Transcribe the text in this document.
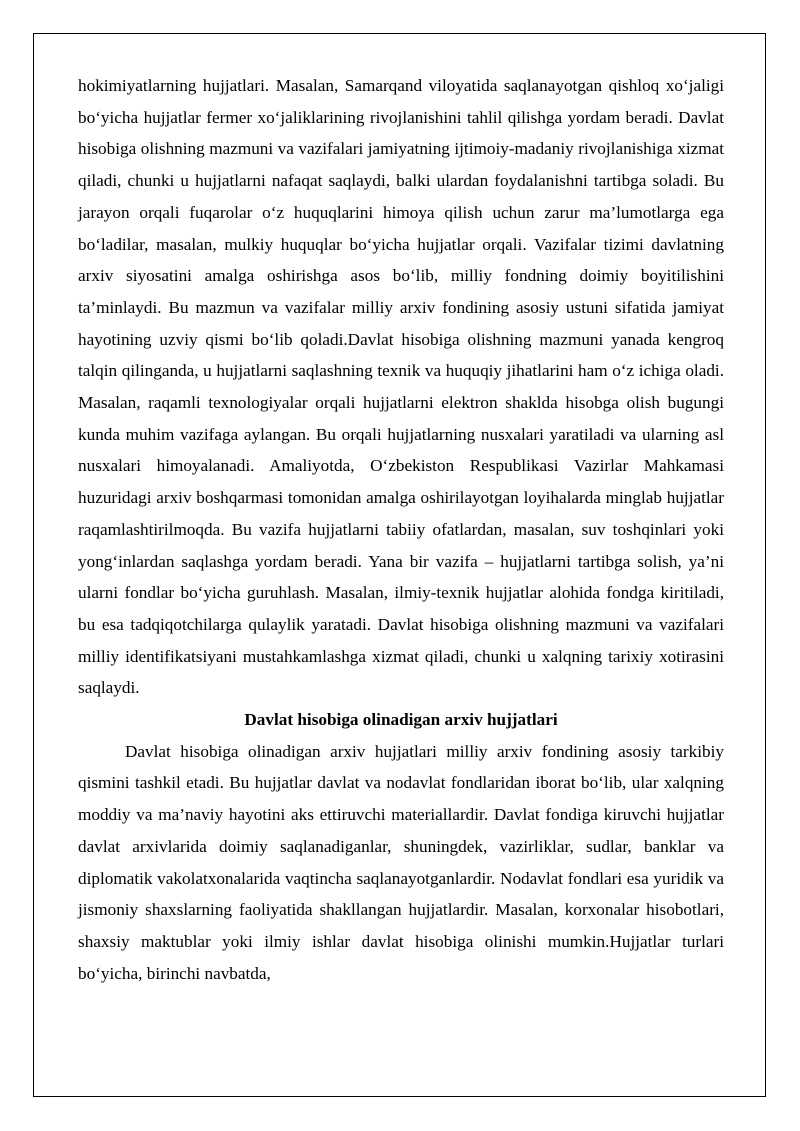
hokimiyatlarning hujjatlari. Masalan, Samarqand viloyatida saqlanayotgan qishloq xo‘jaligi bo‘yicha hujjatlar fermer xo‘jaliklarining rivojlanishini tahlil qilishga yordam beradi. Davlat hisobiga olishning mazmuni va vazifalari jamiyatning ijtimoiy-madaniy rivojlanishiga xizmat qiladi, chunki u hujjatlarni nafaqat saqlaydi, balki ulardan foydalanishni tartibga soladi. Bu jarayon orqali fuqarolar o‘z huquqlarini himoya qilish uchun zarur ma’lumotlarga ega bo‘ladilar, masalan, mulkiy huquqlar bo‘yicha hujjatlar orqali. Vazifalar tizimi davlatning arxiv siyosatini amalga oshirishga asos bo‘lib, milliy fondning doimiy boyitilishini ta’minlaydi. Bu mazmun va vazifalar milliy arxiv fondining asosiy ustuni sifatida jamiyat hayotining uzviy qismi bo‘lib qoladi.Davlat hisobiga olishning mazmuni yanada kengroq talqin qilinganda, u hujjatlarni saqlashning texnik va huquqiy jihatlarini ham o‘z ichiga oladi. Masalan, raqamli texnologiyalar orqali hujjatlarni elektron shaklda hisobga olish bugungi kunda muhim vazifaga aylangan. Bu orqali hujjatlarning nusxalari yaratiladi va ularning asl nusxalari himoyalanadi. Amaliyotda, O‘zbekiston Respublikasi Vazirlar Mahkamasi huzuridagi arxiv boshqarmasi tomonidan amalga oshirilayotgan loyihalarda minglab hujjatlar raqamlashtirilmoqda. Bu vazifa hujjatlarni tabiiy ofatlardan, masalan, suv toshqinlari yoki yong‘inlardan saqlashga yordam beradi. Yana bir vazifa – hujjatlarni tartibga solish, ya’ni ularni fondlar bo‘yicha guruhlash. Masalan, ilmiy-texnik hujjatlar alohida fondga kiritiladi, bu esa tadqiqotchilarga qulaylik yaratadi. Davlat hisobiga olishning mazmuni va vazifalari milliy identifikatsiyani mustahkamlashga xizmat qiladi, chunki u xalqning tarixiy xotirasini saqlaydi.

Davlat hisobiga olinadigan arxiv hujjatlari

Davlat hisobiga olinadigan arxiv hujjatlari milliy arxiv fondining asosiy tarkibiy qismini tashkil etadi. Bu hujjatlar davlat va nodavlat fondlaridan iborat bo‘lib, ular xalqning moddiy va ma’naviy hayotini aks ettiruvchi materiallardir. Davlat fondiga kiruvchi hujjatlar davlat arxivlarida doimiy saqlanadiganlar, shuningdek, vazirliklar, sudlar, banklar va diplomatik vakolatxonalarida vaqtincha saqlanayotganlardir. Nodavlat fondlari esa yuridik va jismoniy shaxslarning faoliyatida shakllangan hujjatlardir. Masalan, korxonalar hisobotlari, shaxsiy maktublar yoki ilmiy ishlar davlat hisobiga olinishi mumkin.Hujjatlar turlari bo‘yicha, birinchi navbatda,
